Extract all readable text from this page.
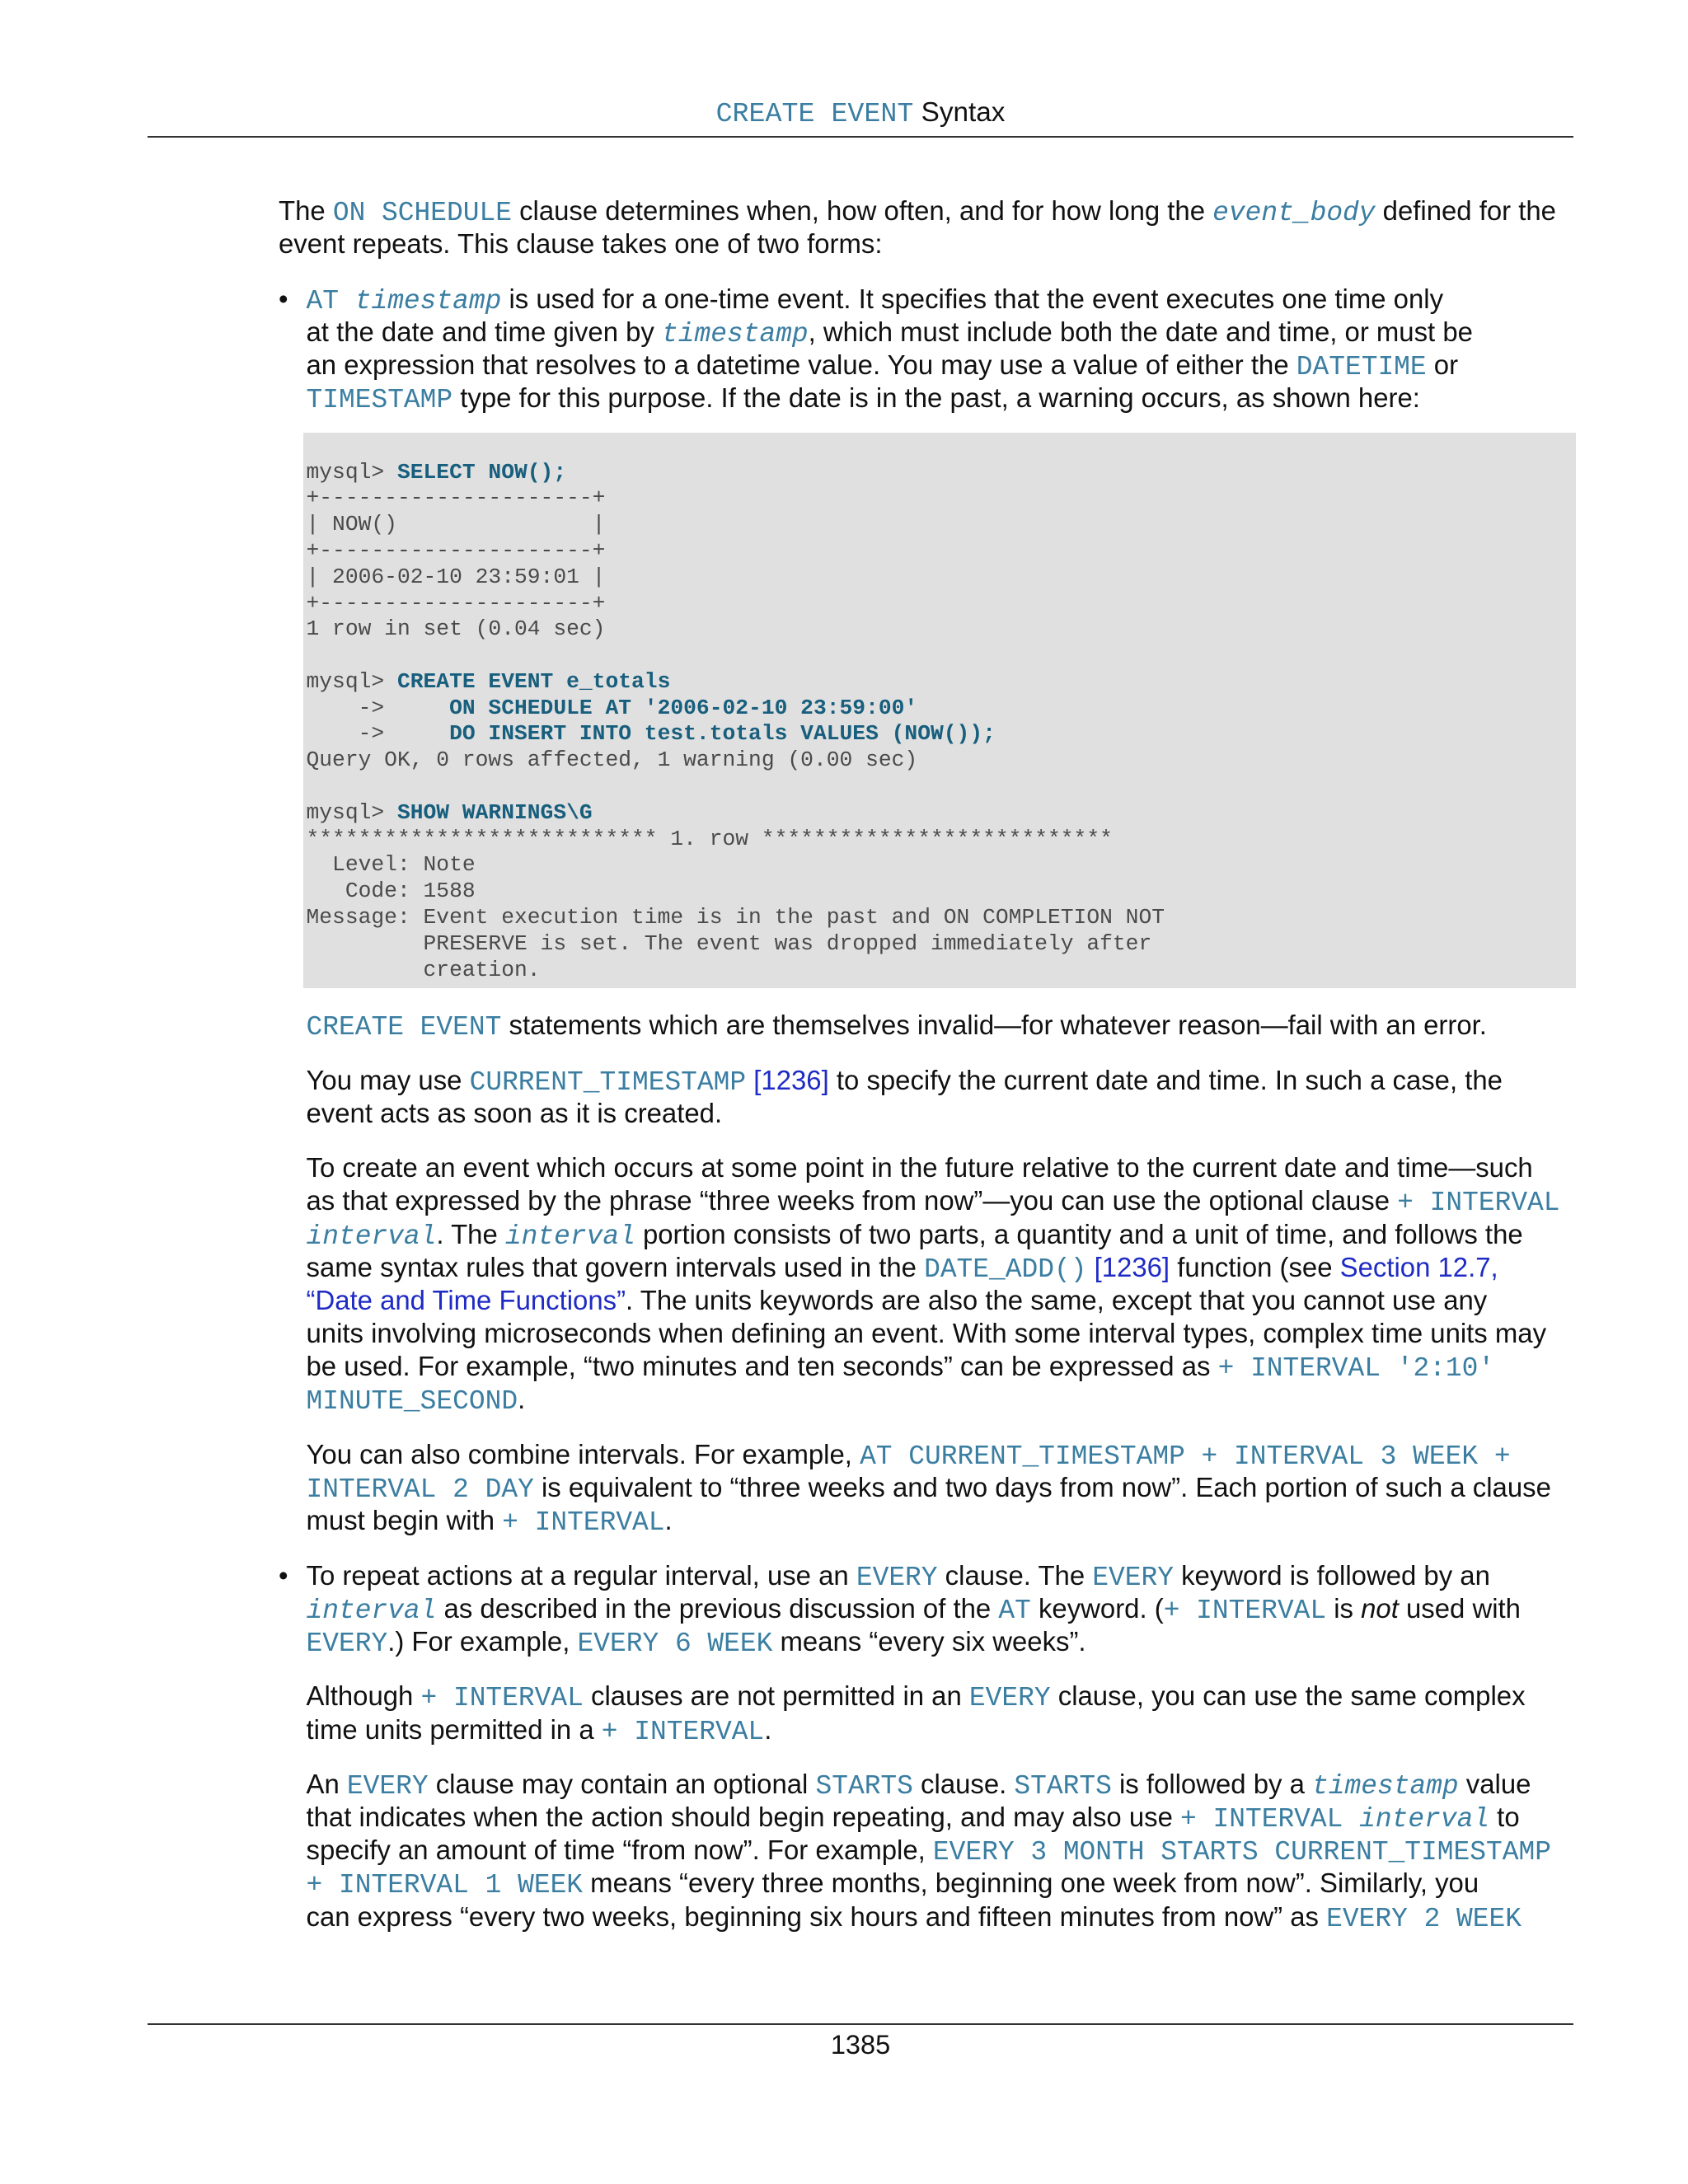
CREATE EVENT Syntax
The ON SCHEDULE clause determines when, how often, and for how long the event_body defined for the
event repeats. This clause takes one of two forms:
• AT timestamp is used for a one-time event. It specifies that the event executes one time only
at the date and time given by timestamp, which must include both the date and time, or must be
an expression that resolves to a datetime value. You may use a value of either the DATETIME or
TIMESTAMP type for this purpose. If the date is in the past, a warning occurs, as shown here:
mysql> SELECT NOW();
+---------------------+
| NOW()               |
+---------------------+
| 2006-02-10 23:59:01 |
+---------------------+
1 row in set (0.04 sec)
mysql> CREATE EVENT e_totals
->     ON SCHEDULE AT '2006-02-10 23:59:00'
->     DO INSERT INTO test.totals VALUES (NOW());
Query OK, 0 rows affected, 1 warning (0.00 sec)
mysql> SHOW WARNINGS\G
*************************** 1. row ***************************
Level: Note
Code: 1588
Message: Event execution time is in the past and ON COMPLETION NOT
PRESERVE is set. The event was dropped immediately after
creation.
CREATE EVENT statements which are themselves invalid—for whatever reason—fail with an error.
You may use CURRENT_TIMESTAMP [1236] to specify the current date and time. In such a case, the
event acts as soon as it is created.
To create an event which occurs at some point in the future relative to the current date and time—such
as that expressed by the phrase “three weeks from now”—you can use the optional clause + INTERVAL
interval. The interval portion consists of two parts, a quantity and a unit of time, and follows the
same syntax rules that govern intervals used in the DATE_ADD() [1236] function (see Section 12.7,
“Date and Time Functions”. The units keywords are also the same, except that you cannot use any
units involving microseconds when defining an event. With some interval types, complex time units may
be used. For example, “two minutes and ten seconds” can be expressed as + INTERVAL '2:10'
MINUTE_SECOND.
You can also combine intervals. For example, AT CURRENT_TIMESTAMP + INTERVAL 3 WEEK +
INTERVAL 2 DAY is equivalent to “three weeks and two days from now”. Each portion of such a clause
must begin with + INTERVAL.
• To repeat actions at a regular interval, use an EVERY clause. The EVERY keyword is followed by an
interval as described in the previous discussion of the AT keyword. (+ INTERVAL is not used with
EVERY.) For example, EVERY 6 WEEK means “every six weeks”.
Although + INTERVAL clauses are not permitted in an EVERY clause, you can use the same complex
time units permitted in a + INTERVAL.
An EVERY clause may contain an optional STARTS clause. STARTS is followed by a timestamp value
that indicates when the action should begin repeating, and may also use + INTERVAL interval to
specify an amount of time “from now”. For example, EVERY 3 MONTH STARTS CURRENT_TIMESTAMP
+ INTERVAL 1 WEEK means “every three months, beginning one week from now”. Similarly, you
can express “every two weeks, beginning six hours and fifteen minutes from now” as EVERY 2 WEEK
1385
